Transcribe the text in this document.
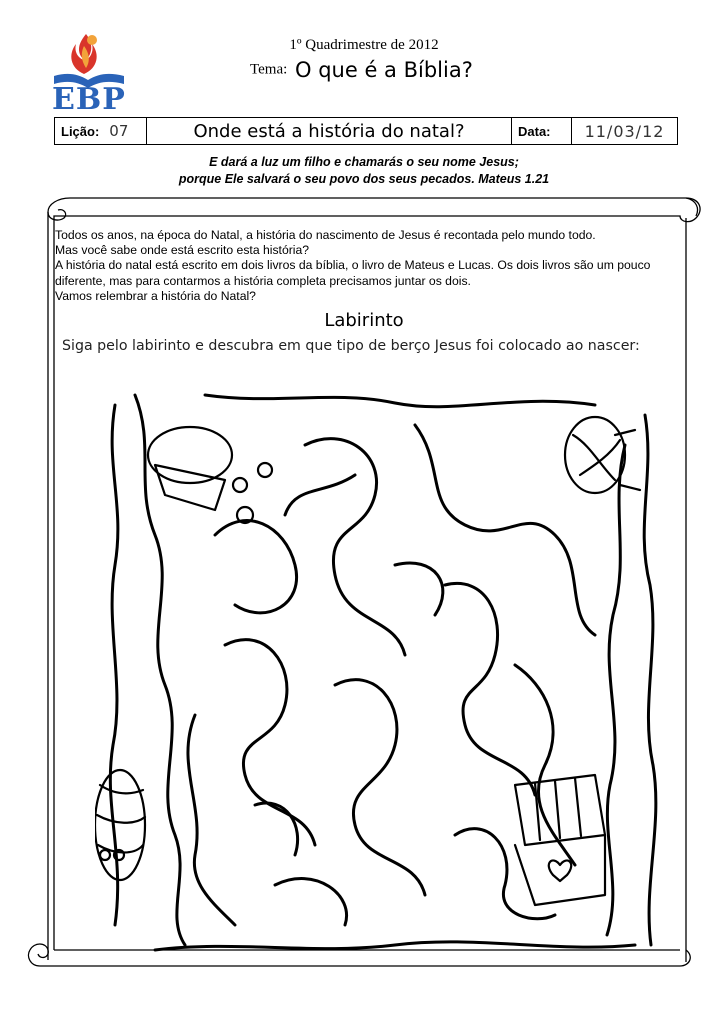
EBP
1º Quadrimestre de 2012
Tema: O que é a Bíblia?
Lição: 07	Onde está a história do natal?	Data: 11/03/12
E dará a luz um filho e chamarás o seu nome Jesus;
porque Ele salvará o seu povo dos seus pecados. Mateus 1.21

Todos os anos, na época do Natal, a história do nascimento de Jesus é recontada pelo mundo todo.

Mas você sabe onde está escrito esta história?

A história do natal está escrito em dois livros da bíblia, o livro de Mateus e Lucas. Os dois livros são um pouco diferente, mas para contarmos a história completa precisamos juntar os dois.

Vamos relembrar a história do Natal?

Labirinto
Siga pelo labirinto e descubra em que tipo de berço Jesus foi colocado ao nascer:
